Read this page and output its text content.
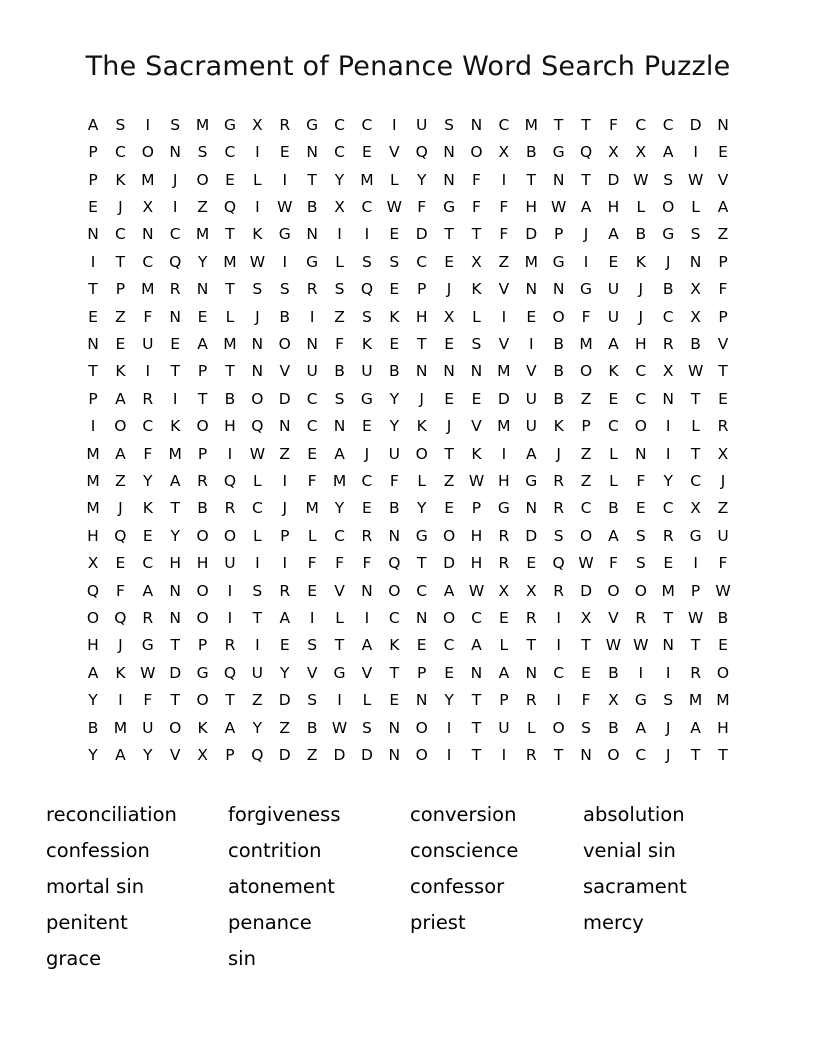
The Sacrament of Penance Word Search Puzzle
A	S	I	S	M	G	X	R	G	C	C	I	U	S	N	C	M	T	T	F	C	C	D	N
P	C	O	N	S	C	I	E	N	C	E	V	Q	N	O	X	B	G	Q	X	X	A	I	E
P	K	M	J	O	E	L	I	T	Y	M	L	Y	N	F	I	T	N	T	D	W	S	W	V
E	J	X	I	Z	Q	I	W	B	X	C	W	F	G	F	F	H	W	A	H	L	O	L	A
N	C	N	C	M	T	K	G	N	I	I	E	D	T	T	F	D	P	J	A	B	G	S	Z
I	T	C	Q	Y	M	W	I	G	L	S	S	C	E	X	Z	M	G	I	E	K	J	N	P
T	P	M	R	N	T	S	S	R	S	Q	E	P	J	K	V	N	N	G	U	J	B	X	F
E	Z	F	N	E	L	J	B	I	Z	S	K	H	X	L	I	E	O	F	U	J	C	X	P
N	E	U	E	A	M	N	O	N	F	K	E	T	E	S	V	I	B	M	A	H	R	B	V
T	K	I	T	P	T	N	V	U	B	U	B	N	N	N	M	V	B	O	K	C	X	W	T
P	A	R	I	T	B	O	D	C	S	G	Y	J	E	E	D	U	B	Z	E	C	N	T	E
I	O	C	K	O	H	Q	N	C	N	E	Y	K	J	V	M	U	K	P	C	O	I	L	R
M	A	F	M	P	I	W	Z	E	A	J	U	O	T	K	I	A	J	Z	L	N	I	T	X
M	Z	Y	A	R	Q	L	I	F	M	C	F	L	Z	W	H	G	R	Z	L	F	Y	C	J
M	J	K	T	B	R	C	J	M	Y	E	B	Y	E	P	G	N	R	C	B	E	C	X	Z
H	Q	E	Y	O	O	L	P	L	C	R	N	G	O	H	R	D	S	O	A	S	R	G	U
X	E	C	H	H	U	I	I	F	F	F	Q	T	D	H	R	E	Q	W	F	S	E	I	F
Q	F	A	N	O	I	S	R	E	V	N	O	C	A	W	X	X	R	D	O	O	M	P	W
O	Q	R	N	O	I	T	A	I	L	I	C	N	O	C	E	R	I	X	V	R	T	W	B
H	J	G	T	P	R	I	E	S	T	A	K	E	C	A	L	T	I	T	W	W	N	T	E
A	K	W	D	G	Q	U	Y	V	G	V	T	P	E	N	A	N	C	E	B	I	I	R	O
Y	I	F	T	O	T	Z	D	S	I	L	E	N	Y	T	P	R	I	F	X	G	S	M	M
B	M	U	O	K	A	Y	Z	B	W	S	N	O	I	T	U	L	O	S	B	A	J	A	H
Y	A	Y	V	X	P	Q	D	Z	D	D	N	O	I	T	I	R	T	N	O	C	J	T	T
reconciliation
confession
mortal sin
penitent
grace
forgiveness
contrition
atonement
penance
sin
conversion
conscience
confessor
priest
absolution
venial sin
sacrament
mercy
